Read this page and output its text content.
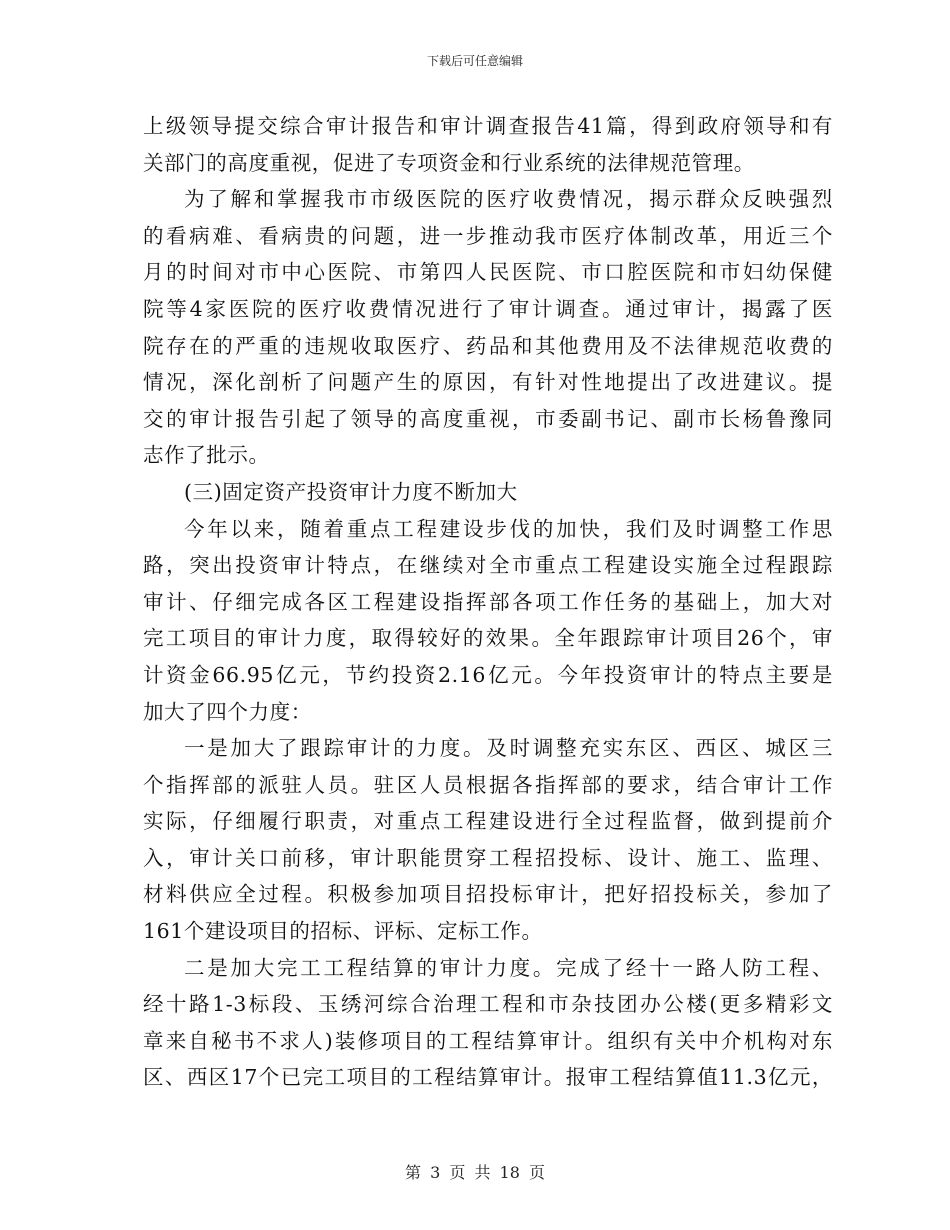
下载后可任意编辑
上级领导提交综合审计报告和审计调查报告41篇，得到政府领导和有
关部门的高度重视，促进了专项资金和行业系统的法律规范管理。
为了解和掌握我市市级医院的医疗收费情况，揭示群众反映强烈
的看病难、看病贵的问题，进一步推动我市医疗体制改革，用近三个
月的时间对市中心医院、市第四人民医院、市口腔医院和市妇幼保健
院等4家医院的医疗收费情况进行了审计调查。通过审计，揭露了医
院存在的严重的违规收取医疗、药品和其他费用及不法律规范收费的
情况，深化剖析了问题产生的原因，有针对性地提出了改进建议。提
交的审计报告引起了领导的高度重视，市委副书记、副市长杨鲁豫同
志作了批示。
(三)固定资产投资审计力度不断加大
今年以来，随着重点工程建设步伐的加快，我们及时调整工作思
路，突出投资审计特点，在继续对全市重点工程建设实施全过程跟踪
审计、仔细完成各区工程建设指挥部各项工作任务的基础上，加大对
完工项目的审计力度，取得较好的效果。全年跟踪审计项目26个，审
计资金66.95亿元，节约投资2.16亿元。今年投资审计的特点主要是
加大了四个力度：
一是加大了跟踪审计的力度。及时调整充实东区、西区、城区三
个指挥部的派驻人员。驻区人员根据各指挥部的要求，结合审计工作
实际，仔细履行职责，对重点工程建设进行全过程监督，做到提前介
入，审计关口前移，审计职能贯穿工程招投标、设计、施工、监理、
材料供应全过程。积极参加项目招投标审计，把好招投标关，参加了
161个建设项目的招标、评标、定标工作。
二是加大完工工程结算的审计力度。完成了经十一路人防工程、
经十路1-3标段、玉绣河综合治理工程和市杂技团办公楼(更多精彩文
章来自秘书不求人)装修项目的工程结算审计。组织有关中介机构对东
区、西区17个已完工项目的工程结算审计。报审工程结算值11.3亿元，
第 3 页 共 18 页
